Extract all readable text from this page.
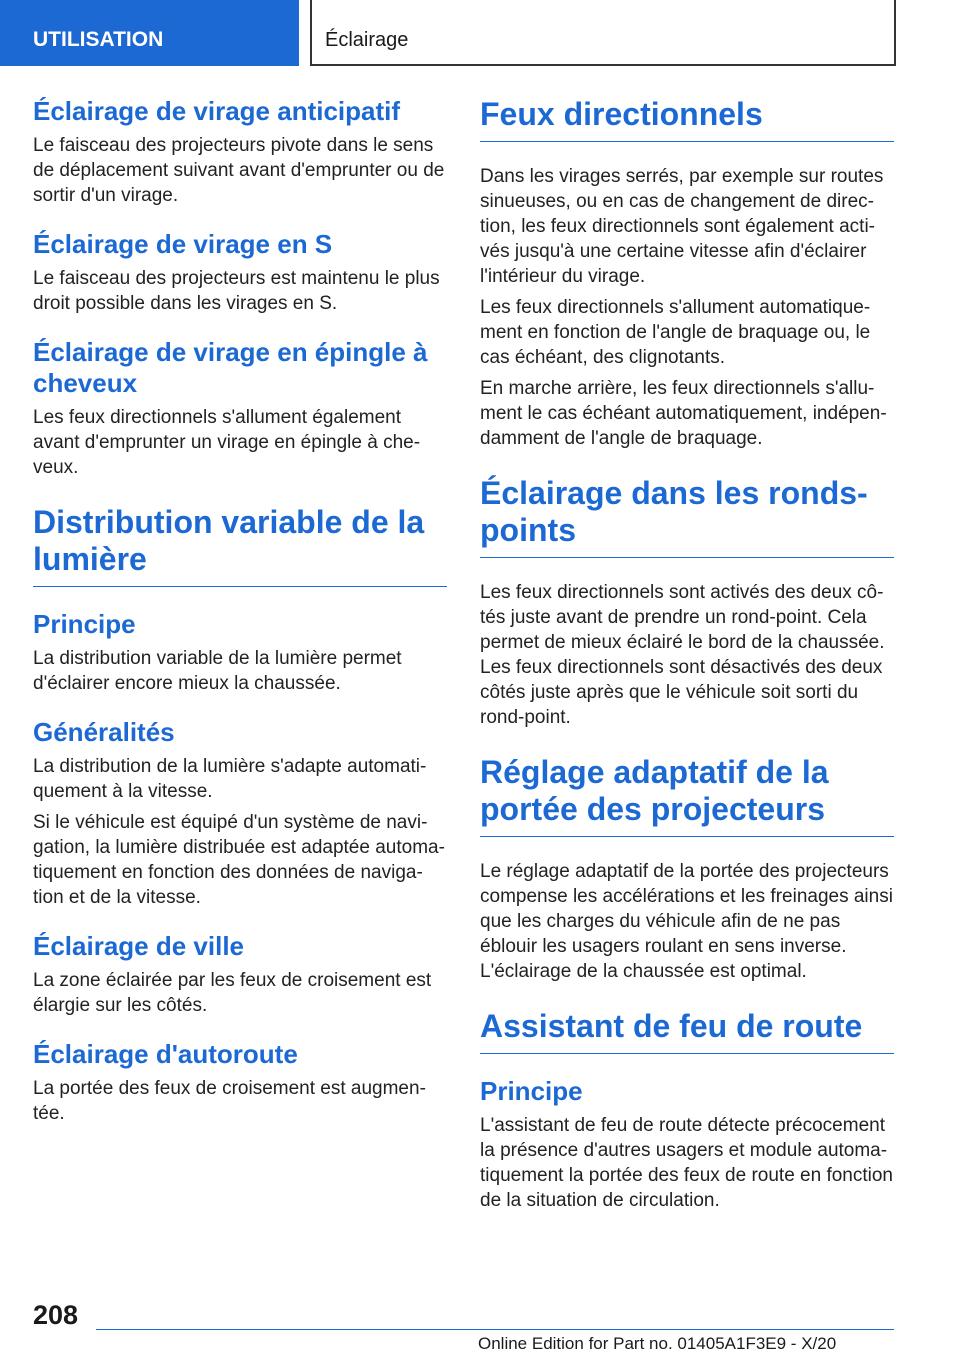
UTILISATION	Éclairage
Éclairage de virage anticipatif

Le faisceau des projecteurs pivote dans le sens de déplacement suivant avant d'emprunter ou de sortir d'un virage.

Éclairage de virage en S

Le faisceau des projecteurs est maintenu le plus droit possible dans les virages en S.

Éclairage de virage en épingle à cheveux

Les feux directionnels s'allument également avant d'emprunter un virage en épingle à cheveux.

Distribution variable de la lumière
Principe

La distribution variable de la lumière permet d'éclairer encore mieux la chaussée.

Généralités

La distribution de la lumière s'adapte automatiquement à la vitesse.

Si le véhicule est équipé d'un système de navigation, la lumière distribuée est adaptée automatiquement en fonction des données de navigation et de la vitesse.

Éclairage de ville

La zone éclairée par les feux de croisement est élargie sur les côtés.

Éclairage d'autoroute

La portée des feux de croisement est augmentée.

Feux directionnels

Dans les virages serrés, par exemple sur routes sinueuses, ou en cas de changement de direction, les feux directionnels sont également activés jusqu'à une certaine vitesse afin d'éclairer l'intérieur du virage.

Les feux directionnels s'allument automatiquement en fonction de l'angle de braquage ou, le cas échéant, des clignotants.

En marche arrière, les feux directionnels s'allument le cas échéant automatiquement, indépendamment de l'angle de braquage.

Éclairage dans les ronds-points

Les feux directionnels sont activés des deux côtés juste avant de prendre un rond-point. Cela permet de mieux éclairé le bord de la chaussée. Les feux directionnels sont désactivés des deux côtés juste après que le véhicule soit sorti du rond-point.

Réglage adaptatif de la portée des projecteurs

Le réglage adaptatif de la portée des projecteurs compense les accélérations et les freinages ainsi que les charges du véhicule afin de ne pas éblouir les usagers roulant en sens inverse. L'éclairage de la chaussée est optimal.

Assistant de feu de route
Principe

L'assistant de feu de route détecte précocement la présence d'autres usagers et module automatiquement la portée des feux de route en fonction de la situation de circulation.

208
Online Edition for Part no. 01405A1F3E9 - X/20
